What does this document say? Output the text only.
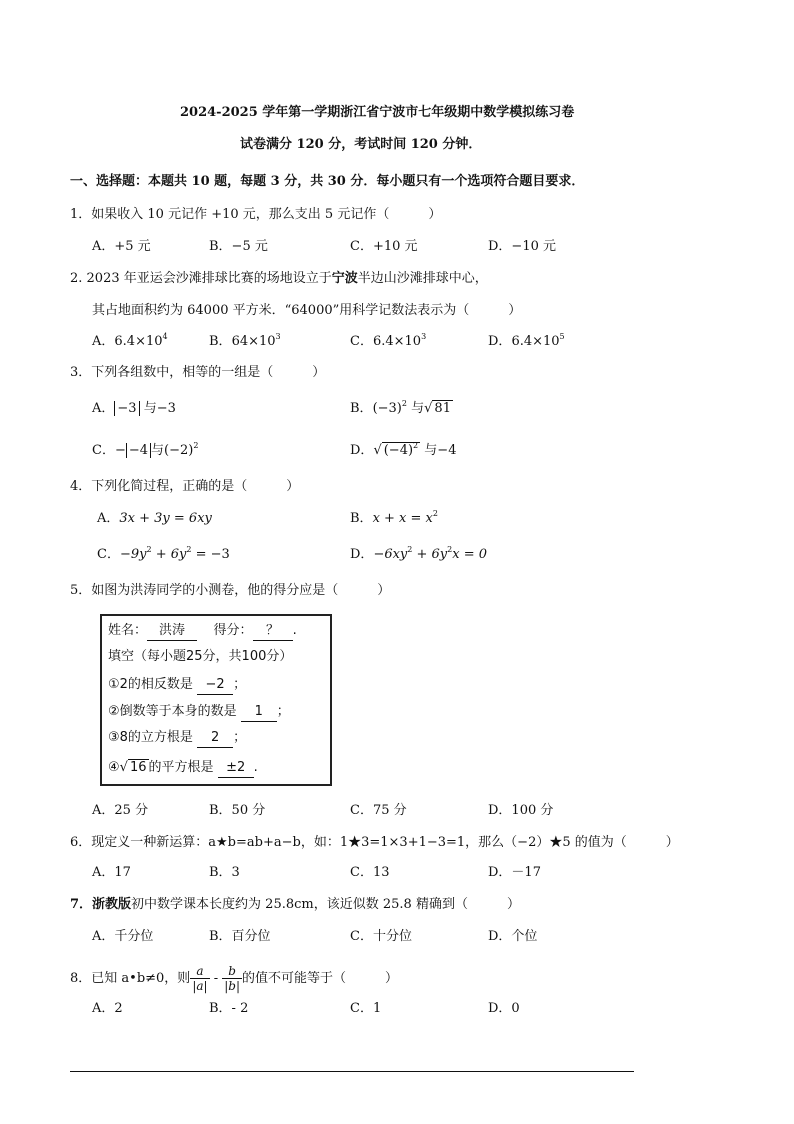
2024-2025 学年第一学期浙江省宁波市七年级期中数学模拟练习卷
试卷满分 120 分，考试时间 120 分钟．
一、选择题：本题共 10 题，每题 3 分，共 30 分．每小题只有一个选项符合题目要求．
1．如果收入 10 元记作 +10 元，那么支出 5 元记作（　　　）
A．+5 元	B．−5 元	C．+10 元	D．−10 元
2. 2023 年亚运会沙滩排球比赛的场地设立于宁波半边山沙滩排球中心，
其占地面积约为 64000 平方米．“64000”用科学记数法表示为（　　　）
A．$6.4\times 10^4$	B．$64\times 10^3$	C．$6.4\times 10^3$	D．$6.4\times 10^5$
3．下列各组数中，相等的一组是（　　　）
A． −3 与−3	B．$(-3)^2$ 与√ 81
C．− −4 与$(-2)^2$	D．√ $(-4)^2$ 与−4
4．下列化简过程，正确的是（　　　）
A．3x + 3y = 6xy	B．$x + x = x^2$
C．$-9y^2 + 6y^2 = -3$	D．$-6xy^2 + 6y^2x = 0$
5．如图为洪涛同学的小测卷，他的得分应是（　　　）
姓名： 洪涛 得分： ？ .
填空（每小题25分，共100分）
①2的相反数是 −2 ；
②倒数等于本身的数是 1 ；
③8的立方根是 2 ；
④√ 16 的平方根是 ±2 .
A．25 分	B．50 分	C．75 分	D．100 分
6．现定义一种新运算：a★b=ab+a−b，如：1★3=1×3+1−3=1，那么（−2）★5 的值为（　　　）
A．17	B．3	C．13	D．－17
7．浙教版初中数学课本长度约为 25.8cm，该近似数 25.8 精确到（　　　）
A．千分位	B．百分位	C．十分位	D．个位
8．已知 a•b≠0，则 $\frac{a}{|a|} - \frac{b}{|b|}$ 的值不可能等于（　　　）
A．2	B．- 2	C．1	D．0
